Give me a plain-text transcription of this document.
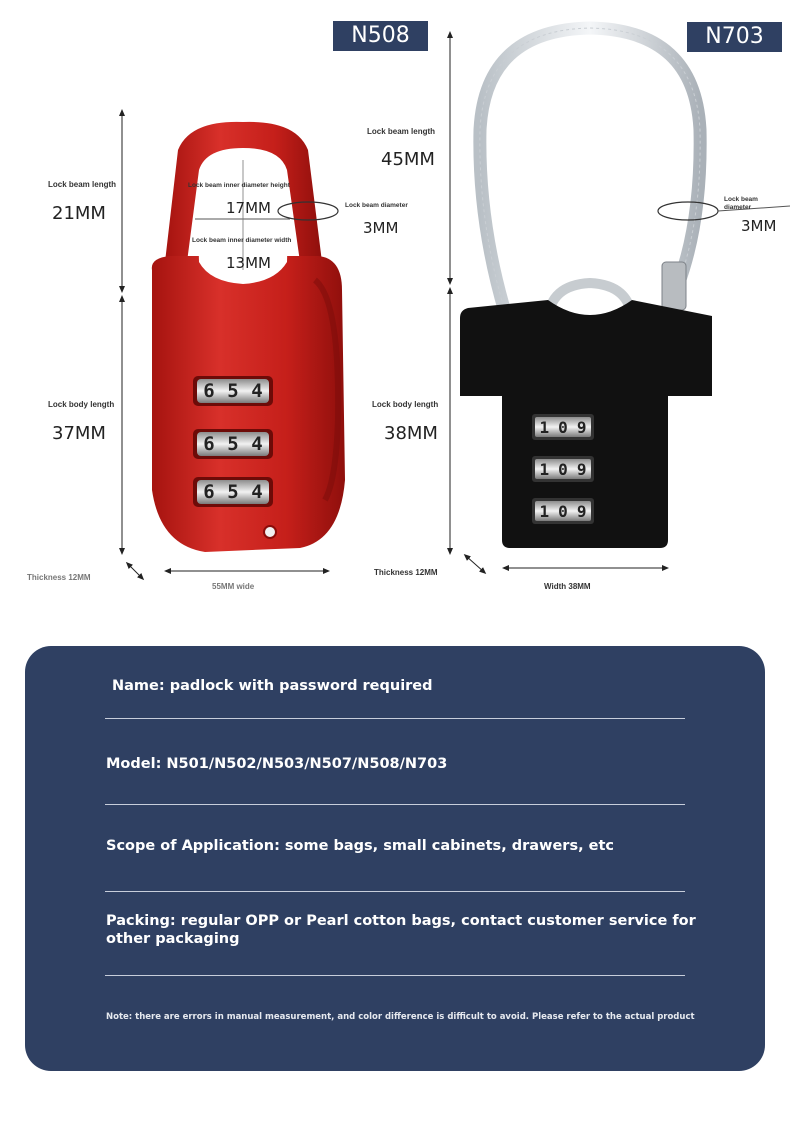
N508	N703
6 5 4
6 5 4
6 5 4
1 0 9
1 0 9
1 0 9
Lock beam length
21MM
Lock beam inner diameter height
17MM
Lock beam inner diameter width
13MM
Lock beam diameter
3MM
Lock body length
37MM
Thickness 12MM
55MM wide
Lock beam length
45MM
Lock beam
diameter
3MM
Lock body length
38MM
Thickness 12MM
Width 38MM
Name: padlock with password required
Model: N501/N502/N503/N507/N508/N703
Scope of Application: some bags, small cabinets, drawers, etc
Packing: regular OPP or Pearl cotton bags, contact customer service for
other packaging
Note: there are errors in manual measurement, and color difference is difficult to avoid. Please refer to the actual product
